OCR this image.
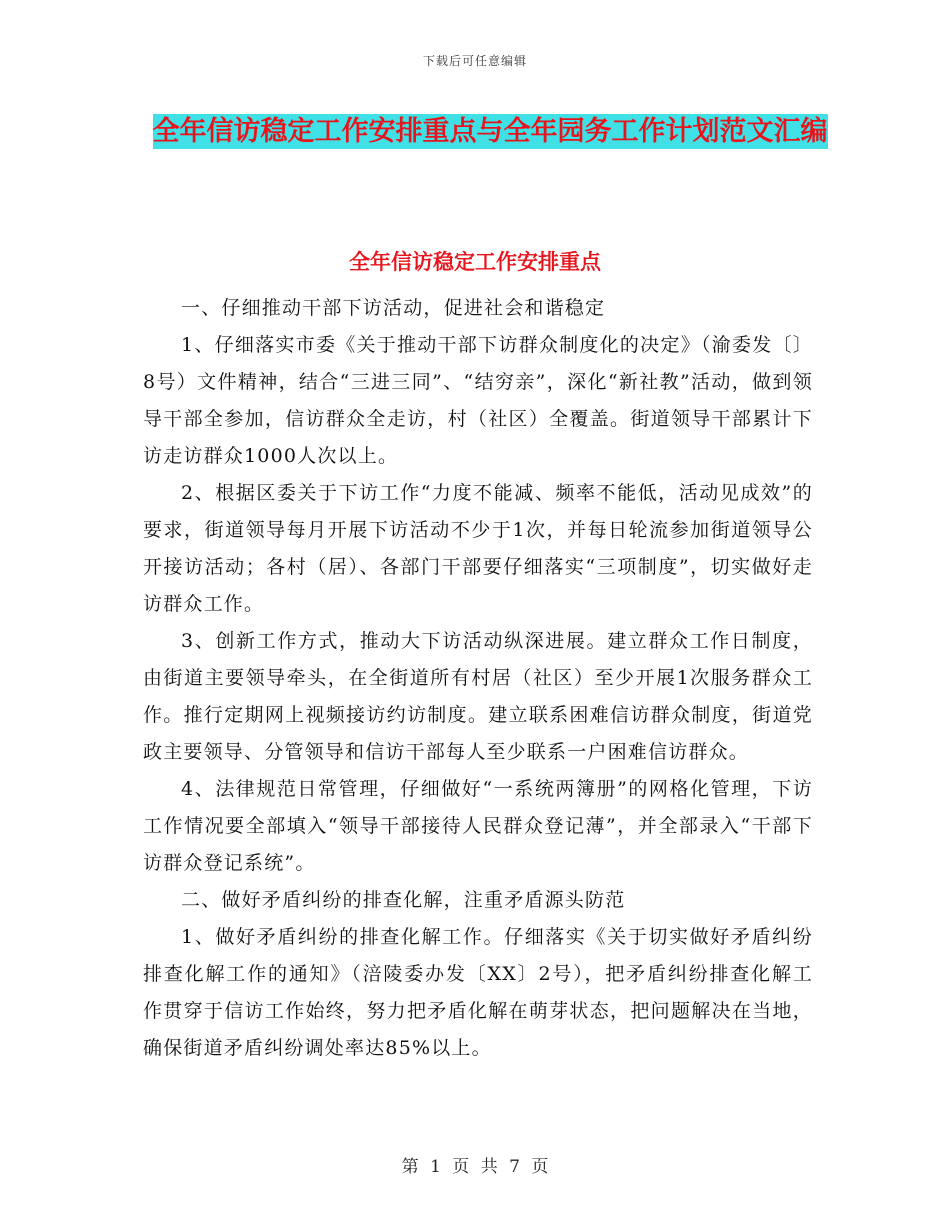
下载后可任意编辑
全年信访稳定工作安排重点与全年园务工作计划范文汇编
全年信访稳定工作安排重点

一、仔细推动干部下访活动，促进社会和谐稳定

1、仔细落实市委《关于推动干部下访群众制度化的决定》（渝委发〔〕8号）文件精神，结合“三进三同”、“结穷亲”，深化“新社教”活动，做到领导干部全参加，信访群众全走访，村（社区）全覆盖。街道领导干部累计下访走访群众1000人次以上。

2、根据区委关于下访工作“力度不能减、频率不能低，活动见成效”的要求，街道领导每月开展下访活动不少于1次，并每日轮流参加街道领导公开接访活动；各村（居）、各部门干部要仔细落实“三项制度”，切实做好走访群众工作。

3、创新工作方式，推动大下访活动纵深进展。建立群众工作日制度，由街道主要领导牵头，在全街道所有村居（社区）至少开展1次服务群众工作。推行定期网上视频接访约访制度。建立联系困难信访群众制度，街道党政主要领导、分管领导和信访干部每人至少联系一户困难信访群众。

4、法律规范日常管理，仔细做好“一系统两簿册”的网格化管理，下访工作情况要全部填入“领导干部接待人民群众登记薄”，并全部录入“干部下访群众登记系统”。

二、做好矛盾纠纷的排查化解，注重矛盾源头防范

1、做好矛盾纠纷的排查化解工作。仔细落实《关于切实做好矛盾纠纷排查化解工作的通知》（涪陵委办发〔XX〕2号），把矛盾纠纷排查化解工作贯穿于信访工作始终，努力把矛盾化解在萌芽状态，把问题解决在当地，确保街道矛盾纠纷调处率达85%以上。

第 1 页 共 7 页
